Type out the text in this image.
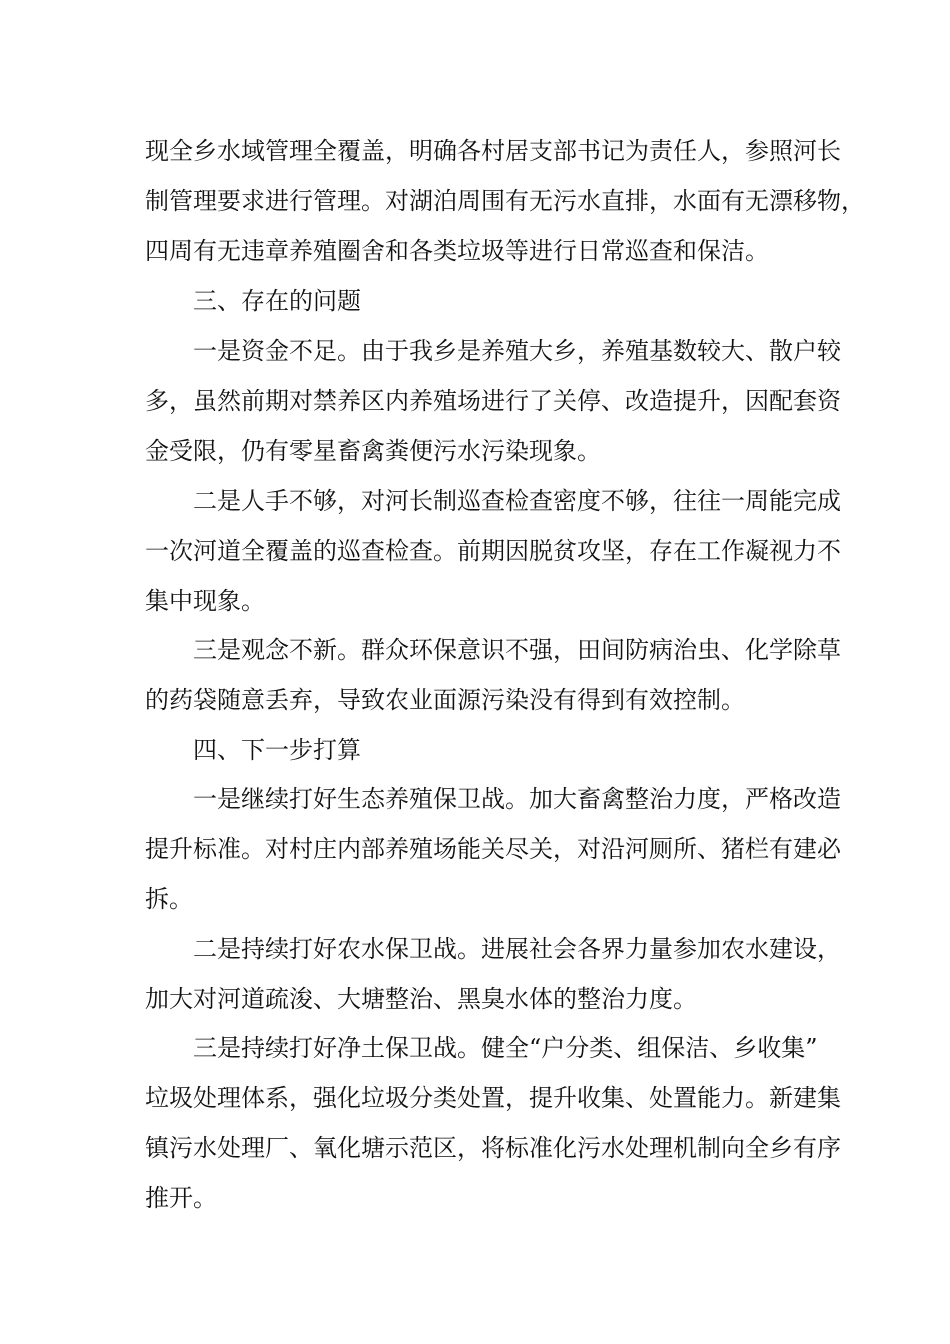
现全乡水域管理全覆盖，明确各村居支部书记为责任人，参照河长
制管理要求进行管理。对湖泊周围有无污水直排，水面有无漂移物，
四周有无违章养殖圈舍和各类垃圾等进行日常巡查和保洁。
三、存在的问题
一是资金不足。由于我乡是养殖大乡，养殖基数较大、散户较
多，虽然前期对禁养区内养殖场进行了关停、改造提升，因配套资
金受限，仍有零星畜禽粪便污水污染现象。
二是人手不够，对河长制巡查检查密度不够，往往一周能完成
一次河道全覆盖的巡查检查。前期因脱贫攻坚，存在工作凝视力不
集中现象。
三是观念不新。群众环保意识不强，田间防病治虫、化学除草
的药袋随意丢弃，导致农业面源污染没有得到有效控制。
四、下一步打算
一是继续打好生态养殖保卫战。加大畜禽整治力度，严格改造
提升标准。对村庄内部养殖场能关尽关，对沿河厕所、猪栏有建必
拆。
二是持续打好农水保卫战。进展社会各界力量参加农水建设，
加大对河道疏浚、大塘整治、黑臭水体的整治力度。
三是持续打好净土保卫战。健全“户分类、组保洁、乡收集”
垃圾处理体系，强化垃圾分类处置，提升收集、处置能力。新建集
镇污水处理厂、氧化塘示范区，将标准化污水处理机制向全乡有序
推开。
